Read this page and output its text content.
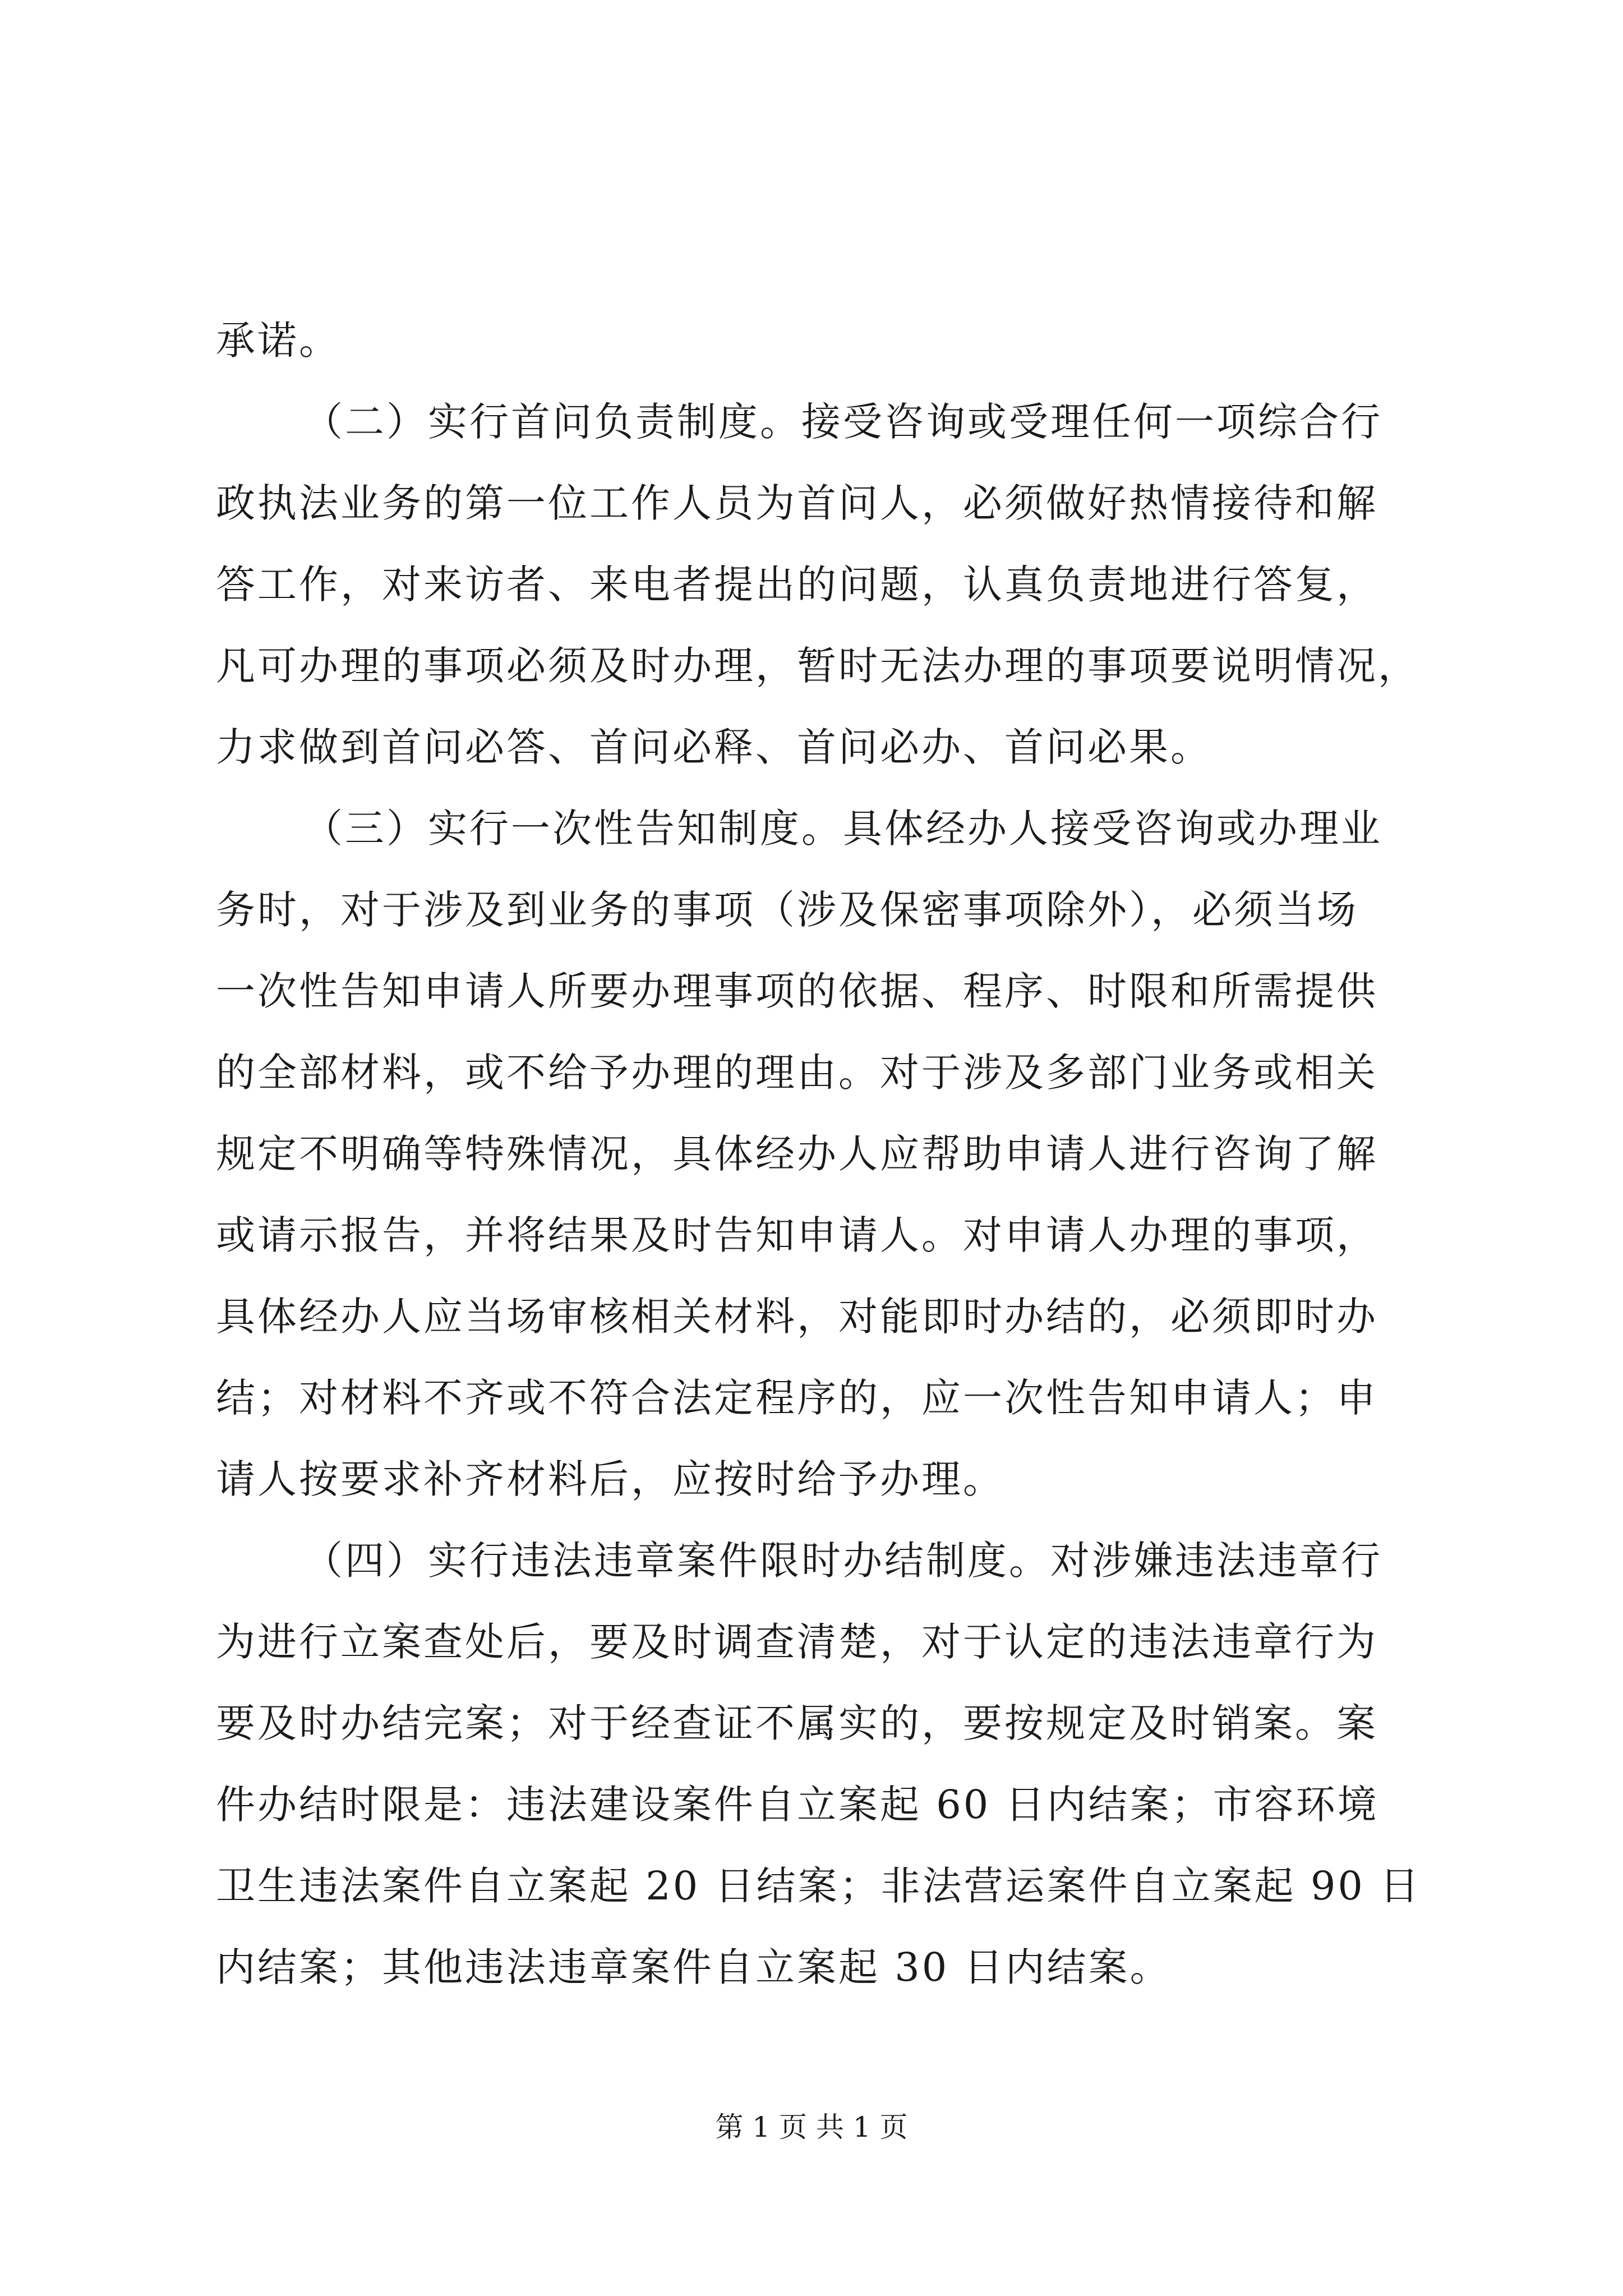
承诺。
（二）实行首问负责制度。接受咨询或受理任何一项综合行
政执法业务的第一位工作人员为首问人，必须做好热情接待和解
答工作，对来访者、来电者提出的问题，认真负责地进行答复，
凡可办理的事项必须及时办理，暂时无法办理的事项要说明情况，
力求做到首问必答、首问必释、首问必办、首问必果。
（三）实行一次性告知制度。具体经办人接受咨询或办理业
务时，对于涉及到业务的事项（涉及保密事项除外），必须当场
一次性告知申请人所要办理事项的依据、程序、时限和所需提供
的全部材料，或不给予办理的理由。对于涉及多部门业务或相关
规定不明确等特殊情况，具体经办人应帮助申请人进行咨询了解
或请示报告，并将结果及时告知申请人。对申请人办理的事项，
具体经办人应当场审核相关材料，对能即时办结的，必须即时办
结；对材料不齐或不符合法定程序的，应一次性告知申请人；申
请人按要求补齐材料后，应按时给予办理。
（四）实行违法违章案件限时办结制度。对涉嫌违法违章行
为进行立案查处后，要及时调查清楚，对于认定的违法违章行为
要及时办结完案；对于经查证不属实的，要按规定及时销案。案
件办结时限是：违法建设案件自立案起 60 日内结案；市容环境
卫生违法案件自立案起 20 日结案；非法营运案件自立案起 90 日
内结案；其他违法违章案件自立案起 30 日内结案。
第 1 页 共 1 页
